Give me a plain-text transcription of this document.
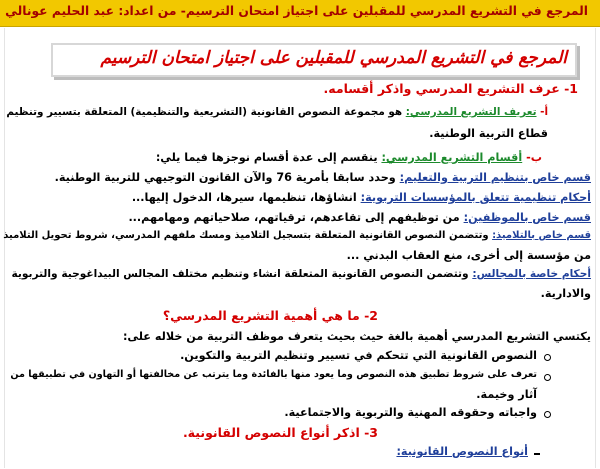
المرجع في التشريع المدرسي للمقبلين على اجتياز امتحان الترسيم- من اعداد: عبد الحليم عونالي
المرجع في التشريع المدرسي للمقبلين على اجتياز امتحان الترسيم
1- عرف التشريع المدرسي واذكر أقسامه.
أ- تعريف التشريع المدرسي: هو مجموعة النصوص القانونية (التشريعية والتنظيمية) المتعلقة بتسيير وتنظيم
قطاع التربية الوطنية.
ب- أقسام التشريع المدرسي: ينقسم إلى عدة أقسام نوجزها فيما يلي:
قسم خاص بتنظيم التربية والتعليم: وحدد سابقا بأمرية 76 والآن القانون التوجيهي للتربية الوطنية.
أحكام تنظيمية تتعلق بالمؤسسات التربوية: انشاؤها، تنظيمها، سيرها، الدخول إليها...
قسم خاص بالموظفين: من توظيفهم إلى تقاعدهم، ترقياتهم، صلاحياتهم ومهامهم...
قسم خاص بالتلاميذ: وتتضمن النصوص القانونية المتعلقة بتسجيل التلاميذ ومسك ملفهم المدرسي، شروط تحويل التلاميذ
من مؤسسة إلى أخرى، منع العقاب البدني ...
أحكام خاصة بالمجالس: وتتضمن النصوص القانونية المتعلقة انشاء وتنظيم مختلف المجالس البيداغوجية والتربوية
والادارية.
2- ما هي أهمية التشريع المدرسي؟
يكتسي التشريع المدرسي أهمية بالغة حيث بحيث يتعرف موظف التربية من خلاله على:
النصوص القانونية التي تتحكم في تسيير وتنظيم التربية والتكوين.
تعرف على شروط تطبيق هذه النصوص وما يعود منها بالفائدة وما يترتب عن مخالفتها أو التهاون في تطبيقها من
آثار وخيمة.
واجباته وحقوقه المهنية والتربوية والاجتماعية.
3- اذكر أنواع النصوص القانونية.
أنواع النصوص القانونية:
